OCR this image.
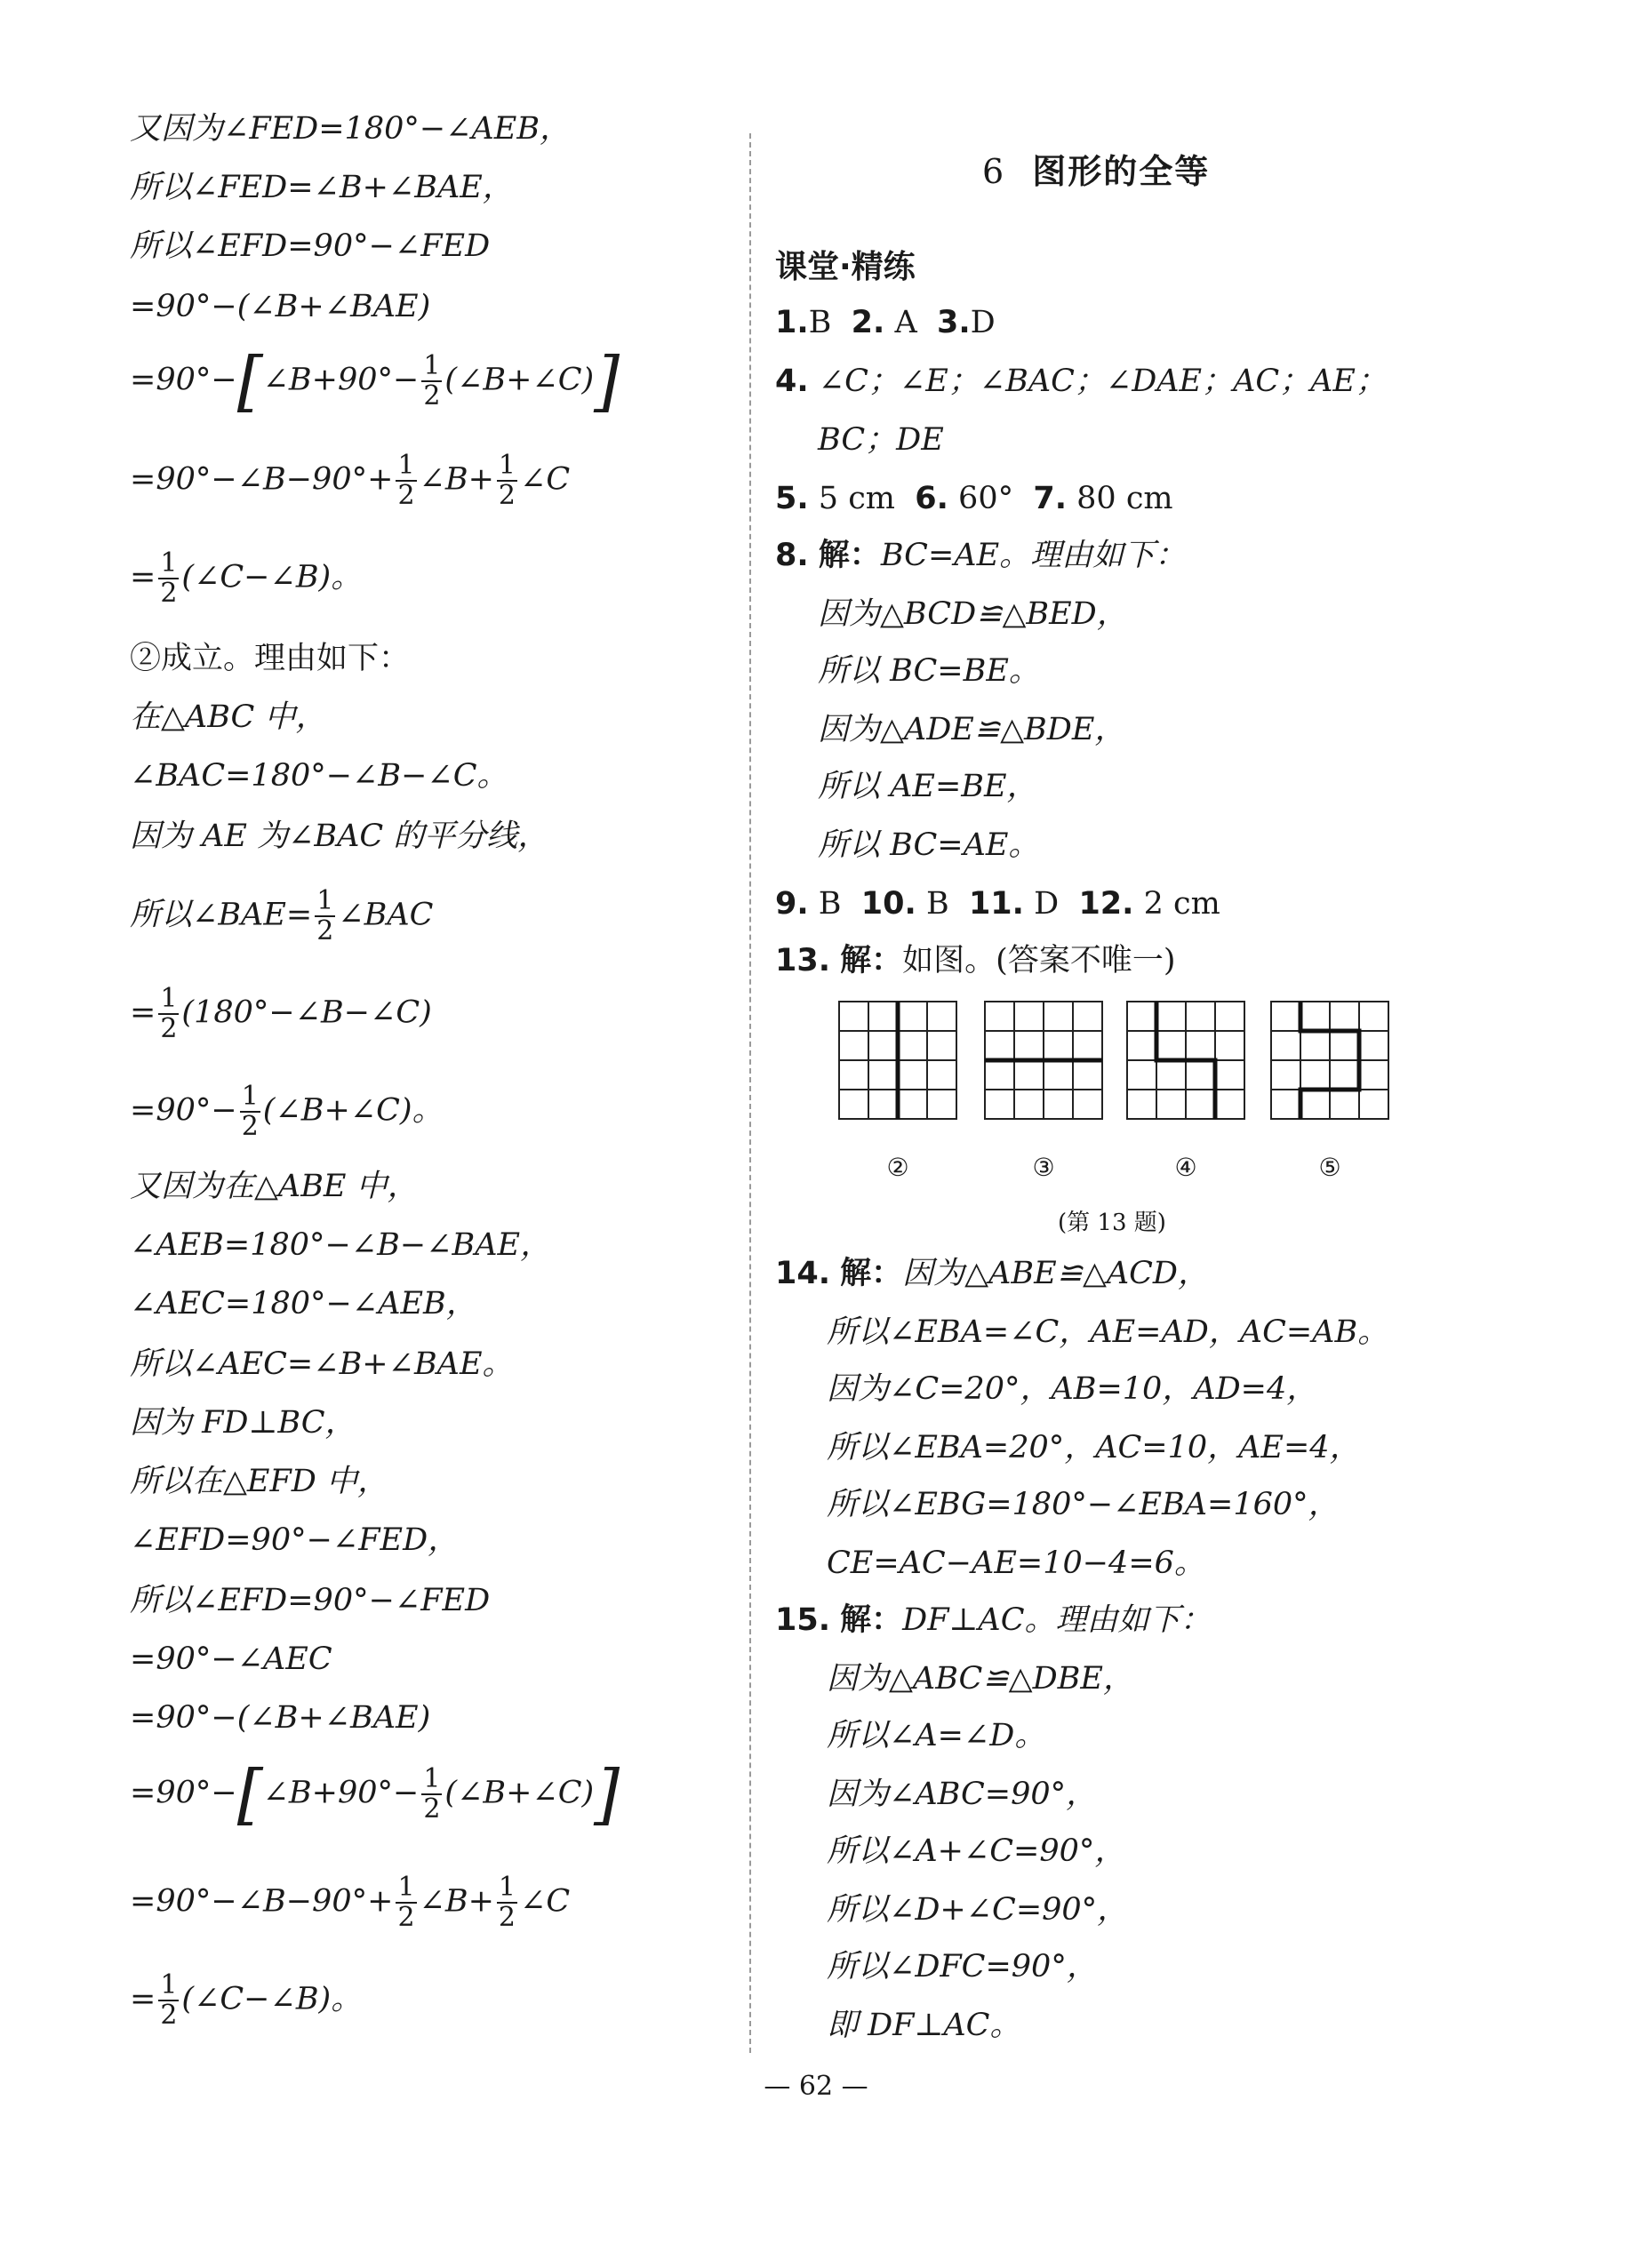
又因为∠FED=180°−∠AEB，
所以∠FED=∠B+∠BAE，
所以∠EFD=90°−∠FED
=90°−(∠B+∠BAE)
=90°−[∠B+90°− $\frac{1}{2}$ (∠B+∠C)]
=90°−∠B−90°+ $\frac{1}{2}$ ∠B+ $\frac{1}{2}$ ∠C
= $\frac{1}{2}$ (∠C−∠B)。
②成立。理由如下：
在△ABC 中，
∠BAC=180°−∠B−∠C。
因为 AE 为∠BAC 的平分线，
所以∠BAE= $\frac{1}{2}$ ∠BAC
= $\frac{1}{2}$ (180°−∠B−∠C)
$=90^\circ- \frac{1}{2}$ (∠B+∠C)。
又因为在△ABE 中，
∠AEB=180°−∠B−∠BAE，
∠AEC=180°−∠AEB，
所以∠AEC=∠B+∠BAE。
因为 FD⊥BC，
所以在△EFD 中，
∠EFD=90°−∠FED，
所以∠EFD=90°−∠FED
=90°−∠AEC
=90°−(∠B+∠BAE)
=90°−[∠B+90°− $\frac{1}{2}$ (∠B+∠C)]
=90°−∠B−90°+ $\frac{1}{2}$ ∠B+ $\frac{1}{2}$ ∠C
= $\frac{1}{2}$ (∠C−∠B)。
6 图形的全等
课堂·精练
1.B 2. A 3.D
4. ∠C；∠E；∠BAC；∠DAE；AC；AE；
BC；DE
5. 5 cm 6. 60° 7. 80 cm
8. 解：BC=AE。理由如下：
因为△BCD≌△BED，
所以 BC=BE。
因为△ADE≌△BDE，
所以 AE=BE，
所以 BC=AE。
9. B 10. B 11. D 12. 2 cm
13. 解：如图。(答案不唯一)
②	③	④	⑤
(第 13 题)
14. 解：因为△ABE≌△ACD，
所以∠EBA=∠C，AE=AD，AC=AB。
因为∠C=20°，AB=10，AD=4，
所以∠EBA=20°，AC=10，AE=4，
所以∠EBG=180°−∠EBA=160°，
CE=AC−AE=10−4=6。
15. 解：DF⊥AC。理由如下：
因为△ABC≌△DBE，
所以∠A=∠D。
因为∠ABC=90°，
所以∠A+∠C=90°，
所以∠D+∠C=90°，
所以∠DFC=90°，
即 DF⊥AC。
— 62 —
